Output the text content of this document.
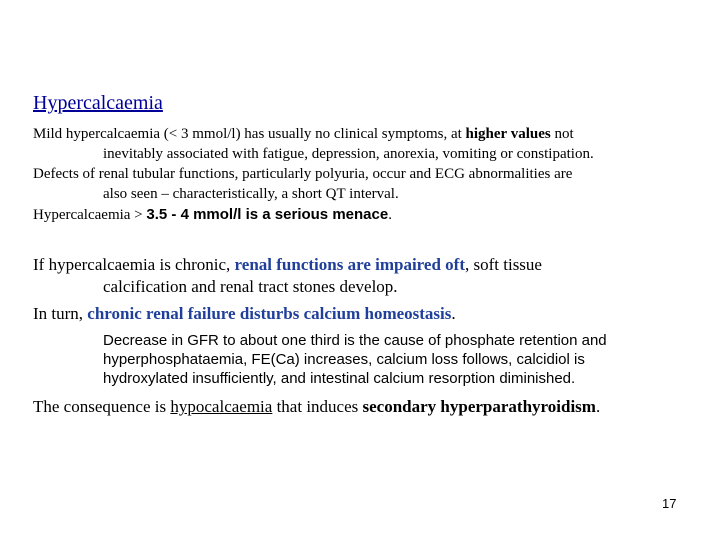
Hypercalcaemia

Mild hypercalcaemia (< 3 mmol/l) has usually no clinical symptoms, at higher values not
inevitably associated with fatigue, depression, anorexia, vomiting or constipation.

Defects of renal tubular functions, particularly polyuria, occur and ECG abnormalities are
also seen – characteristically, a short QT interval.

Hypercalcaemia > 3.5 - 4 mmol/l is a serious menace.

If hypercalcaemia is chronic, renal functions are impaired oft, soft tissue
calcification and renal tract stones develop.

In turn, chronic renal failure disturbs calcium homeostasis.

Decrease in GFR to about one third is the cause of phosphate retention and
hyperphosphataemia, FE(Ca) increases, calcium loss follows, calcidiol is
hydroxylated insufficiently, and intestinal calcium resorption diminished.

The consequence is hypocalcaemia that induces secondary hyperparathyroidism.

17
